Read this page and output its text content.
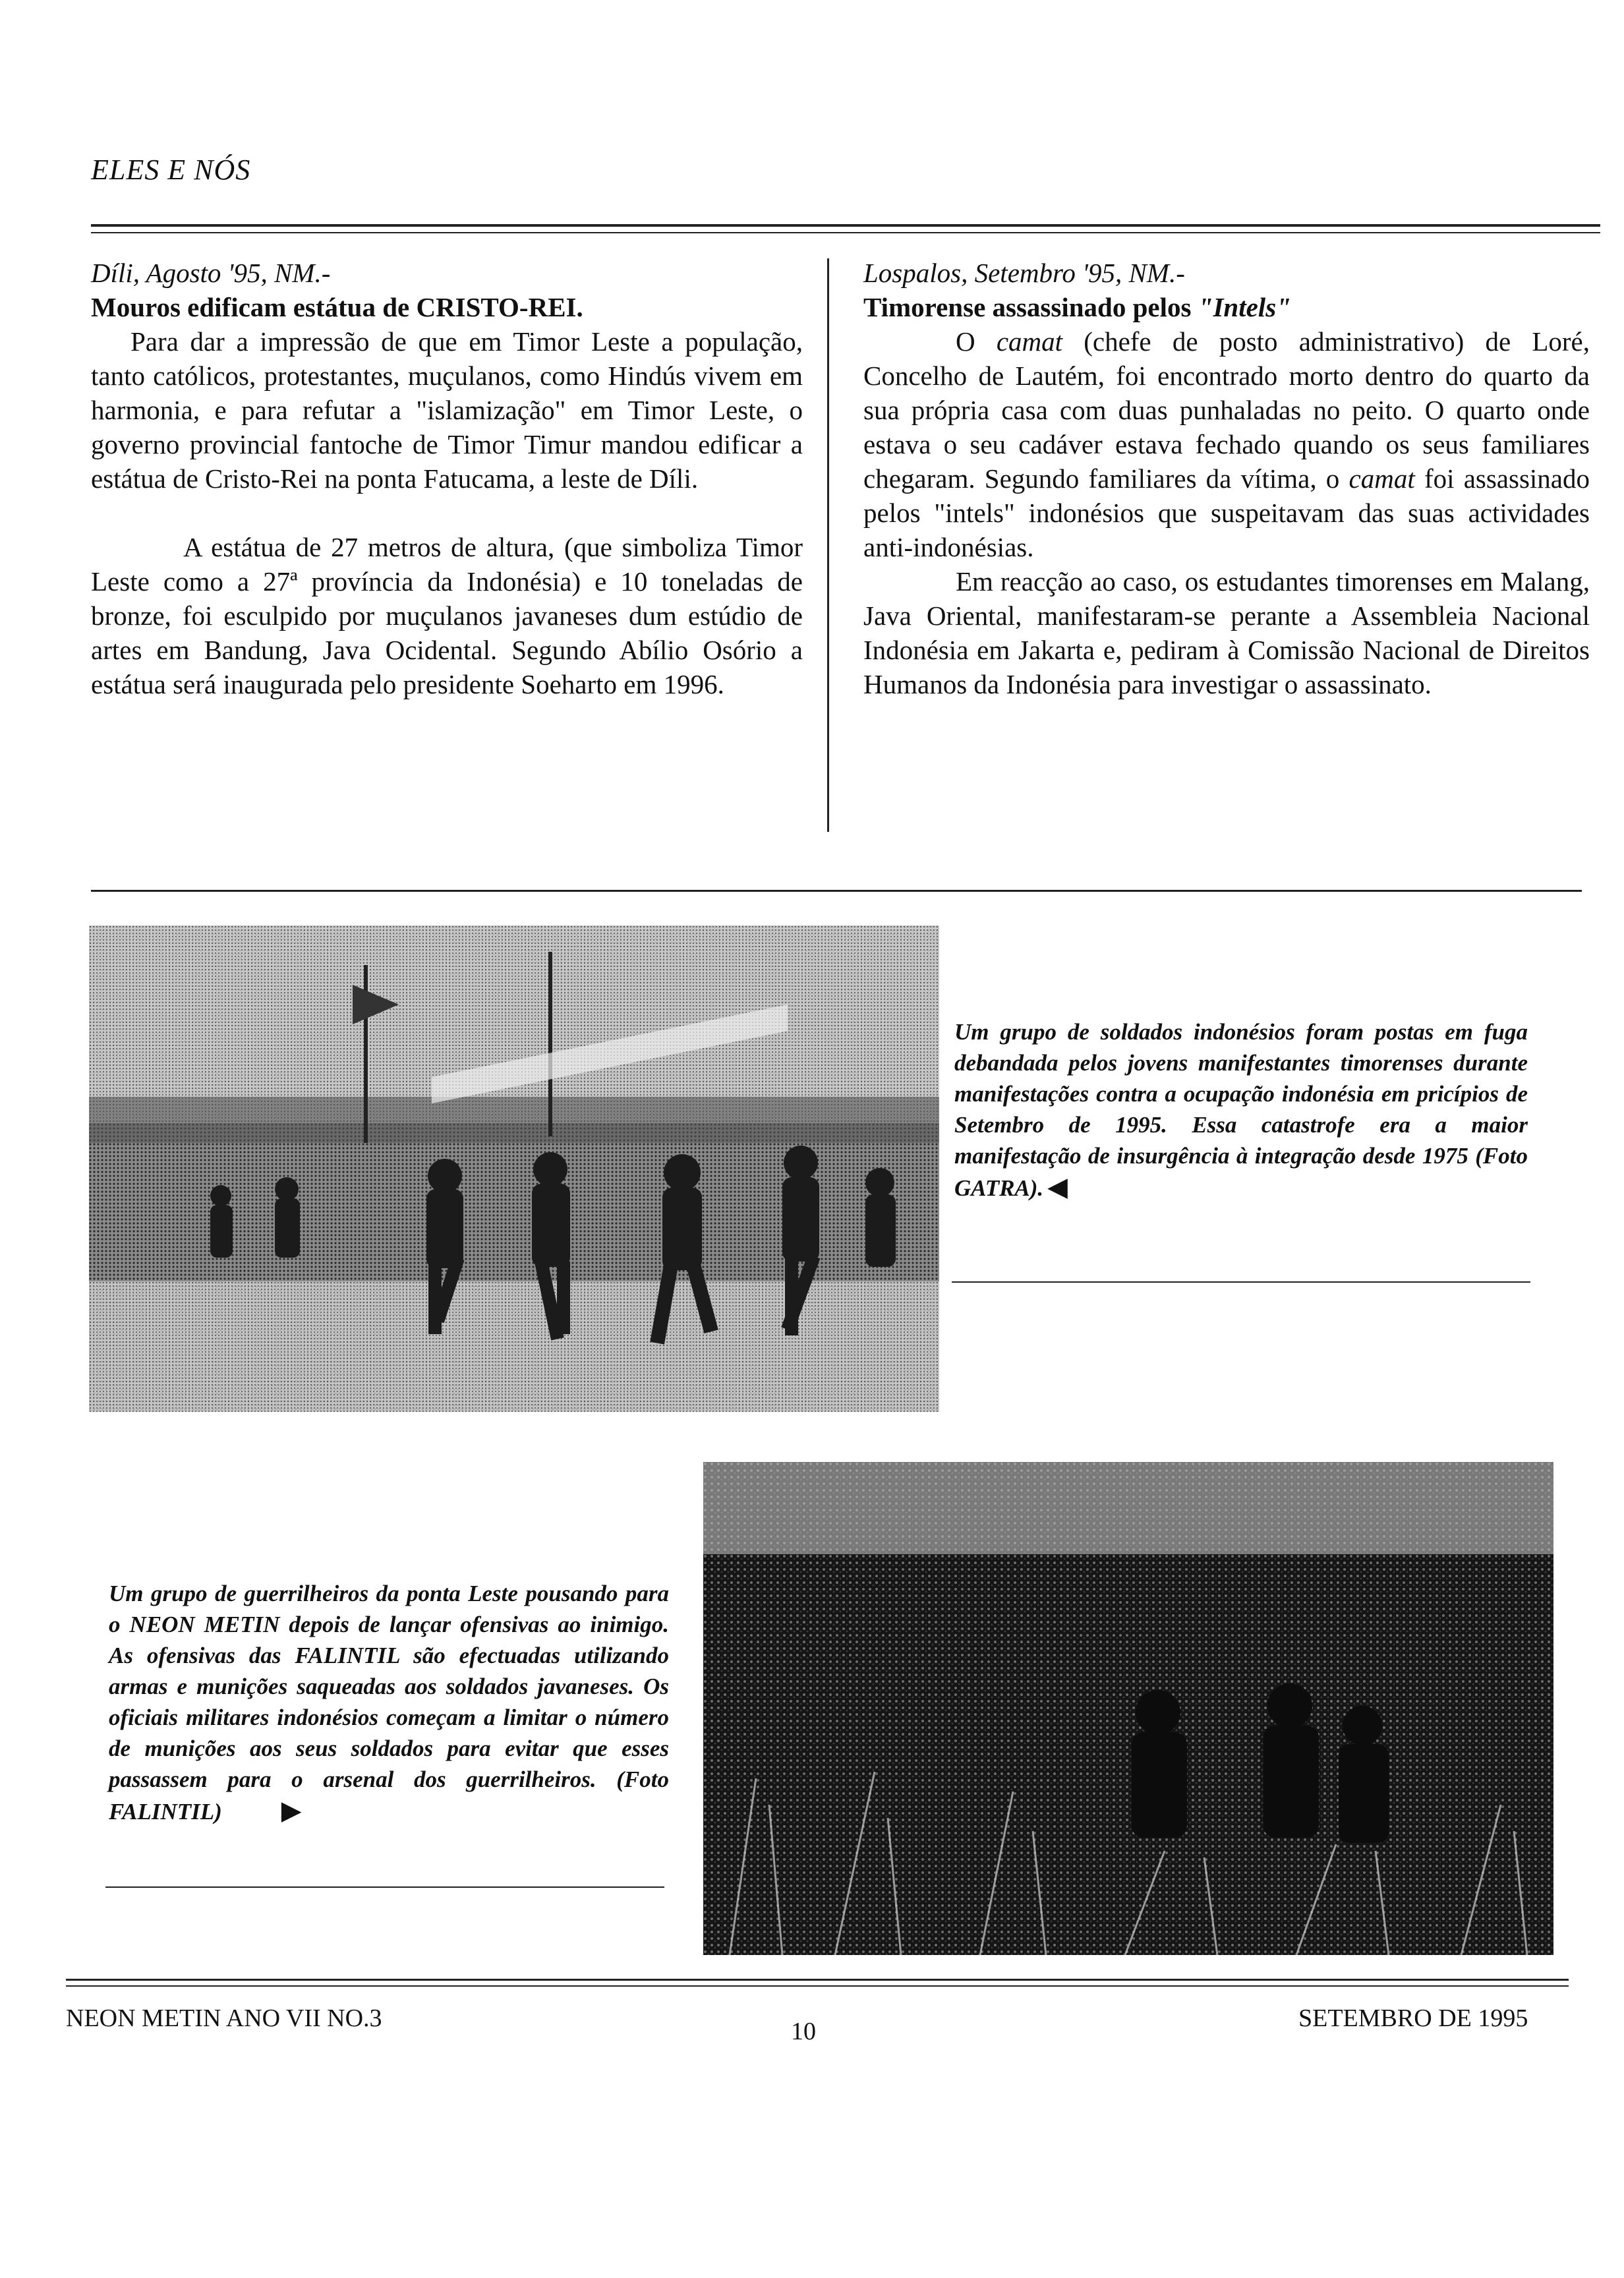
ELES E NÓS

Díli, Agosto '95, NM.-

Mouros edificam estátua de CRISTO-REI.

Para dar a impressão de que em Timor Leste a população, tanto católicos, protestantes, muçulanos, como Hindús vivem em harmonia, e para refutar a "islamização" em Timor Leste, o governo provincial fantoche de Timor Timur mandou edificar a estátua de Cristo-Rei na ponta Fatucama, a leste de Díli.

A estátua de 27 metros de altura, (que simboliza Timor Leste como a 27ª província da Indonésia) e 10 toneladas de bronze, foi esculpido por muçulanos javaneses dum estúdio de artes em Bandung, Java Ocidental. Segundo Abílio Osório a estátua será inaugurada pelo presidente Soeharto em 1996.

Lospalos, Setembro '95, NM.-

Timorense assassinado pelos "Intels"

O camat (chefe de posto administrativo) de Loré, Concelho de Lautém, foi encontrado morto dentro do quarto da sua própria casa com duas punhaladas no peito. O quarto onde estava o seu cadáver estava fechado quando os seus familiares chegaram. Segundo familiares da vítima, o camat foi assassinado pelos "intels" indonésios que suspeitavam das suas actividades anti-indonésias.

Em reacção ao caso, os estudantes timorenses em Malang, Java Oriental, manifestaram-se perante a Assembleia Nacional Indonésia em Jakarta e, pediram à Comissão Nacional de Direitos Humanos da Indonésia para investigar o assassinato.

Um grupo de soldados indonésios foram postas em fuga debandada pelos jovens manifestantes timorenses durante manifestações contra a ocupação indonésia em pricípios de Setembro de 1995. Essa catastrofe era a maior manifestação de insurgência à integração desde 1975 (Foto GATRA). ◀
Um grupo de guerrilheiros da ponta Leste pousando para o NEON METIN depois de lançar ofensivas ao inimigo. As ofensivas das FALINTIL são efectuadas utilizando armas e munições saqueadas aos soldados javaneses. Os oficiais militares indonésios começam a limitar o número de munições aos seus soldados para evitar que esses passassem para o arsenal dos guerrilheiros. (Foto FALINTIL) ▶
NEON METIN ANO VII NO.3	10	SETEMBRO DE 1995
